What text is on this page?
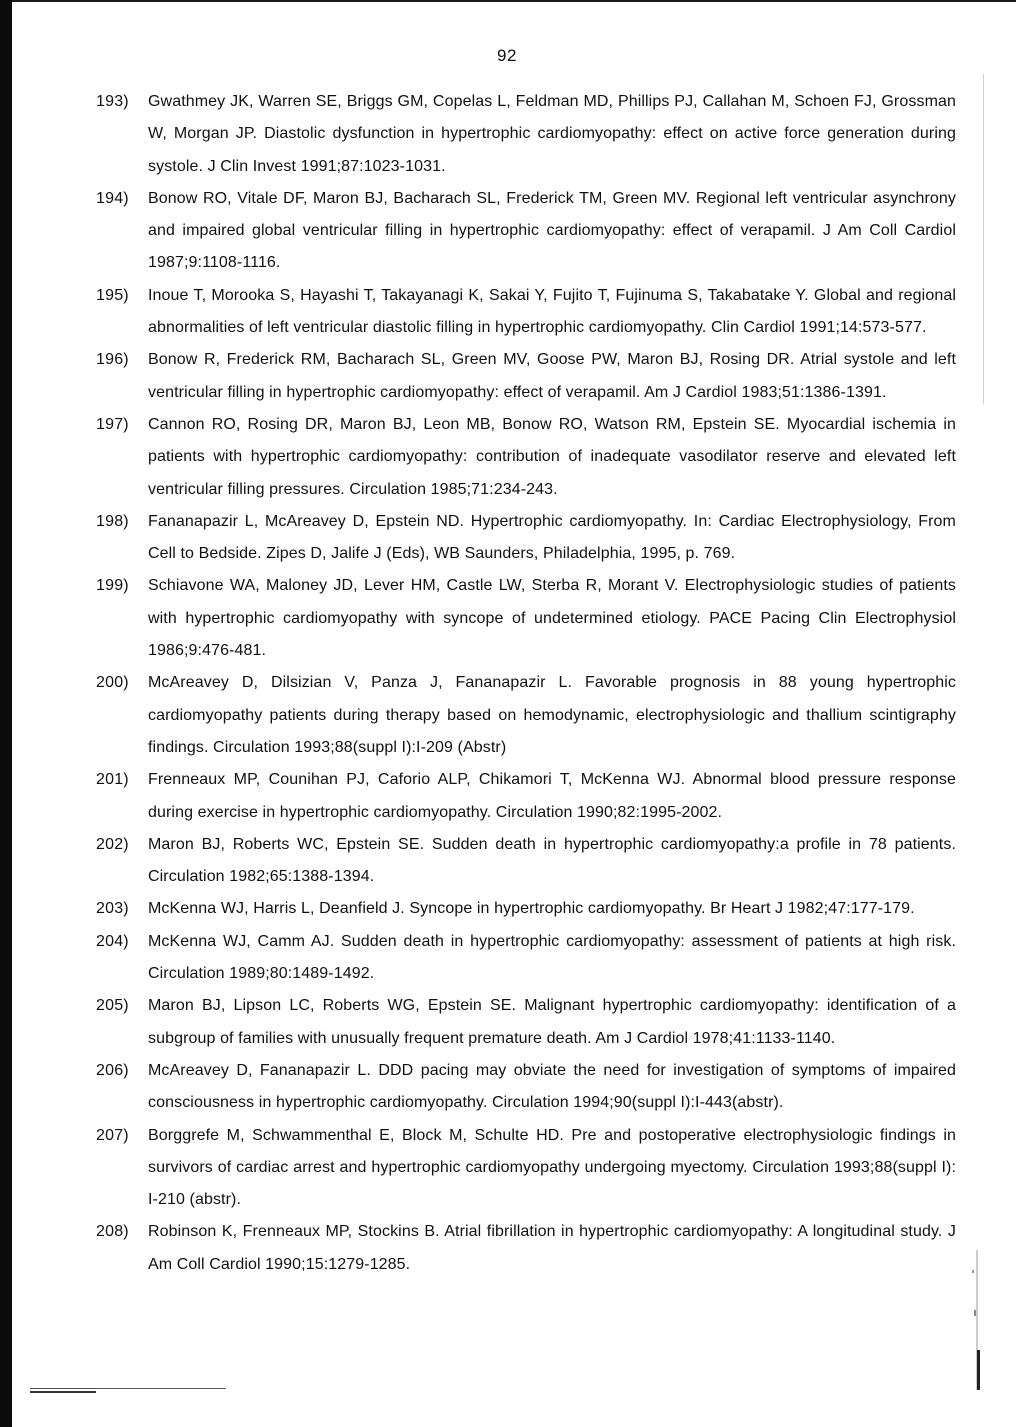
92
193)	Gwathmey JK, Warren SE, Briggs GM, Copelas L, Feldman MD, Phillips PJ, Callahan M, Schoen FJ, Grossman W, Morgan JP. Diastolic dysfunction in hypertrophic cardiomyopathy: effect on active force generation during systole. J Clin Invest 1991;87:1023-1031.
194)	Bonow RO, Vitale DF, Maron BJ, Bacharach SL, Frederick TM, Green MV. Regional left ventricular asynchrony and impaired global ventricular filling in hypertrophic cardiomyopathy: effect of verapamil. J Am Coll Cardiol 1987;9:1108-1116.
195)	Inoue T, Morooka S, Hayashi T, Takayanagi K, Sakai Y, Fujito T, Fujinuma S, Takabatake Y. Global and regional abnormalities of left ventricular diastolic filling in hypertrophic cardiomyopathy. Clin Cardiol 1991;14:573-577.
196)	Bonow R, Frederick RM, Bacharach SL, Green MV, Goose PW, Maron BJ, Rosing DR. Atrial systole and left ventricular filling in hypertrophic cardiomyopathy: effect of verapamil. Am J Cardiol 1983;51:1386-1391.
197)	Cannon RO, Rosing DR, Maron BJ, Leon MB, Bonow RO, Watson RM, Epstein SE. Myocardial ischemia in patients with hypertrophic cardiomyopathy: contribution of inadequate vasodilator reserve and elevated left ventricular filling pressures. Circulation 1985;71:234-243.
198)	Fananapazir L, McAreavey D, Epstein ND. Hypertrophic cardiomyopathy. In: Cardiac Electrophysiology, From Cell to Bedside. Zipes D, Jalife J (Eds), WB Saunders, Philadelphia, 1995, p. 769.
199)	Schiavone WA, Maloney JD, Lever HM, Castle LW, Sterba R, Morant V. Electrophysiologic studies of patients with hypertrophic cardiomyopathy with syncope of undetermined etiology. PACE Pacing Clin Electrophysiol 1986;9:476-481.
200)	McAreavey D, Dilsizian V, Panza J, Fananapazir L. Favorable prognosis in 88 young hypertrophic cardiomyopathy patients during therapy based on hemodynamic, electrophysiologic and thallium scintigraphy findings. Circulation 1993;88(suppl I):I-209 (Abstr)
201)	Frenneaux MP, Counihan PJ, Caforio ALP, Chikamori T, McKenna WJ. Abnormal blood pressure response during exercise in hypertrophic cardiomyopathy. Circulation 1990;82:1995-2002.
202)	Maron BJ, Roberts WC, Epstein SE. Sudden death in hypertrophic cardiomyopathy:a profile in 78 patients. Circulation 1982;65:1388-1394.
203)	McKenna WJ, Harris L, Deanfield J. Syncope in hypertrophic cardiomyopathy. Br Heart J 1982;47:177-179.
204)	McKenna WJ, Camm AJ. Sudden death in hypertrophic cardiomyopathy: assessment of patients at high risk. Circulation 1989;80:1489-1492.
205)	Maron BJ, Lipson LC, Roberts WG, Epstein SE. Malignant hypertrophic cardiomyopathy: identification of a subgroup of families with unusually frequent premature death. Am J Cardiol 1978;41:1133-1140.
206)	McAreavey D, Fananapazir L. DDD pacing may obviate the need for investigation of symptoms of impaired consciousness in hypertrophic cardiomyopathy. Circulation 1994;90(suppl I):I-443(abstr).
207)	Borggrefe M, Schwammenthal E, Block M, Schulte HD. Pre and postoperative electrophysiologic findings in survivors of cardiac arrest and hypertrophic cardiomyopathy undergoing myectomy. Circulation 1993;88(suppl I): I-210 (abstr).
208)	Robinson K, Frenneaux MP, Stockins B. Atrial fibrillation in hypertrophic cardiomyopathy: A longitudinal study. J Am Coll Cardiol 1990;15:1279-1285.
